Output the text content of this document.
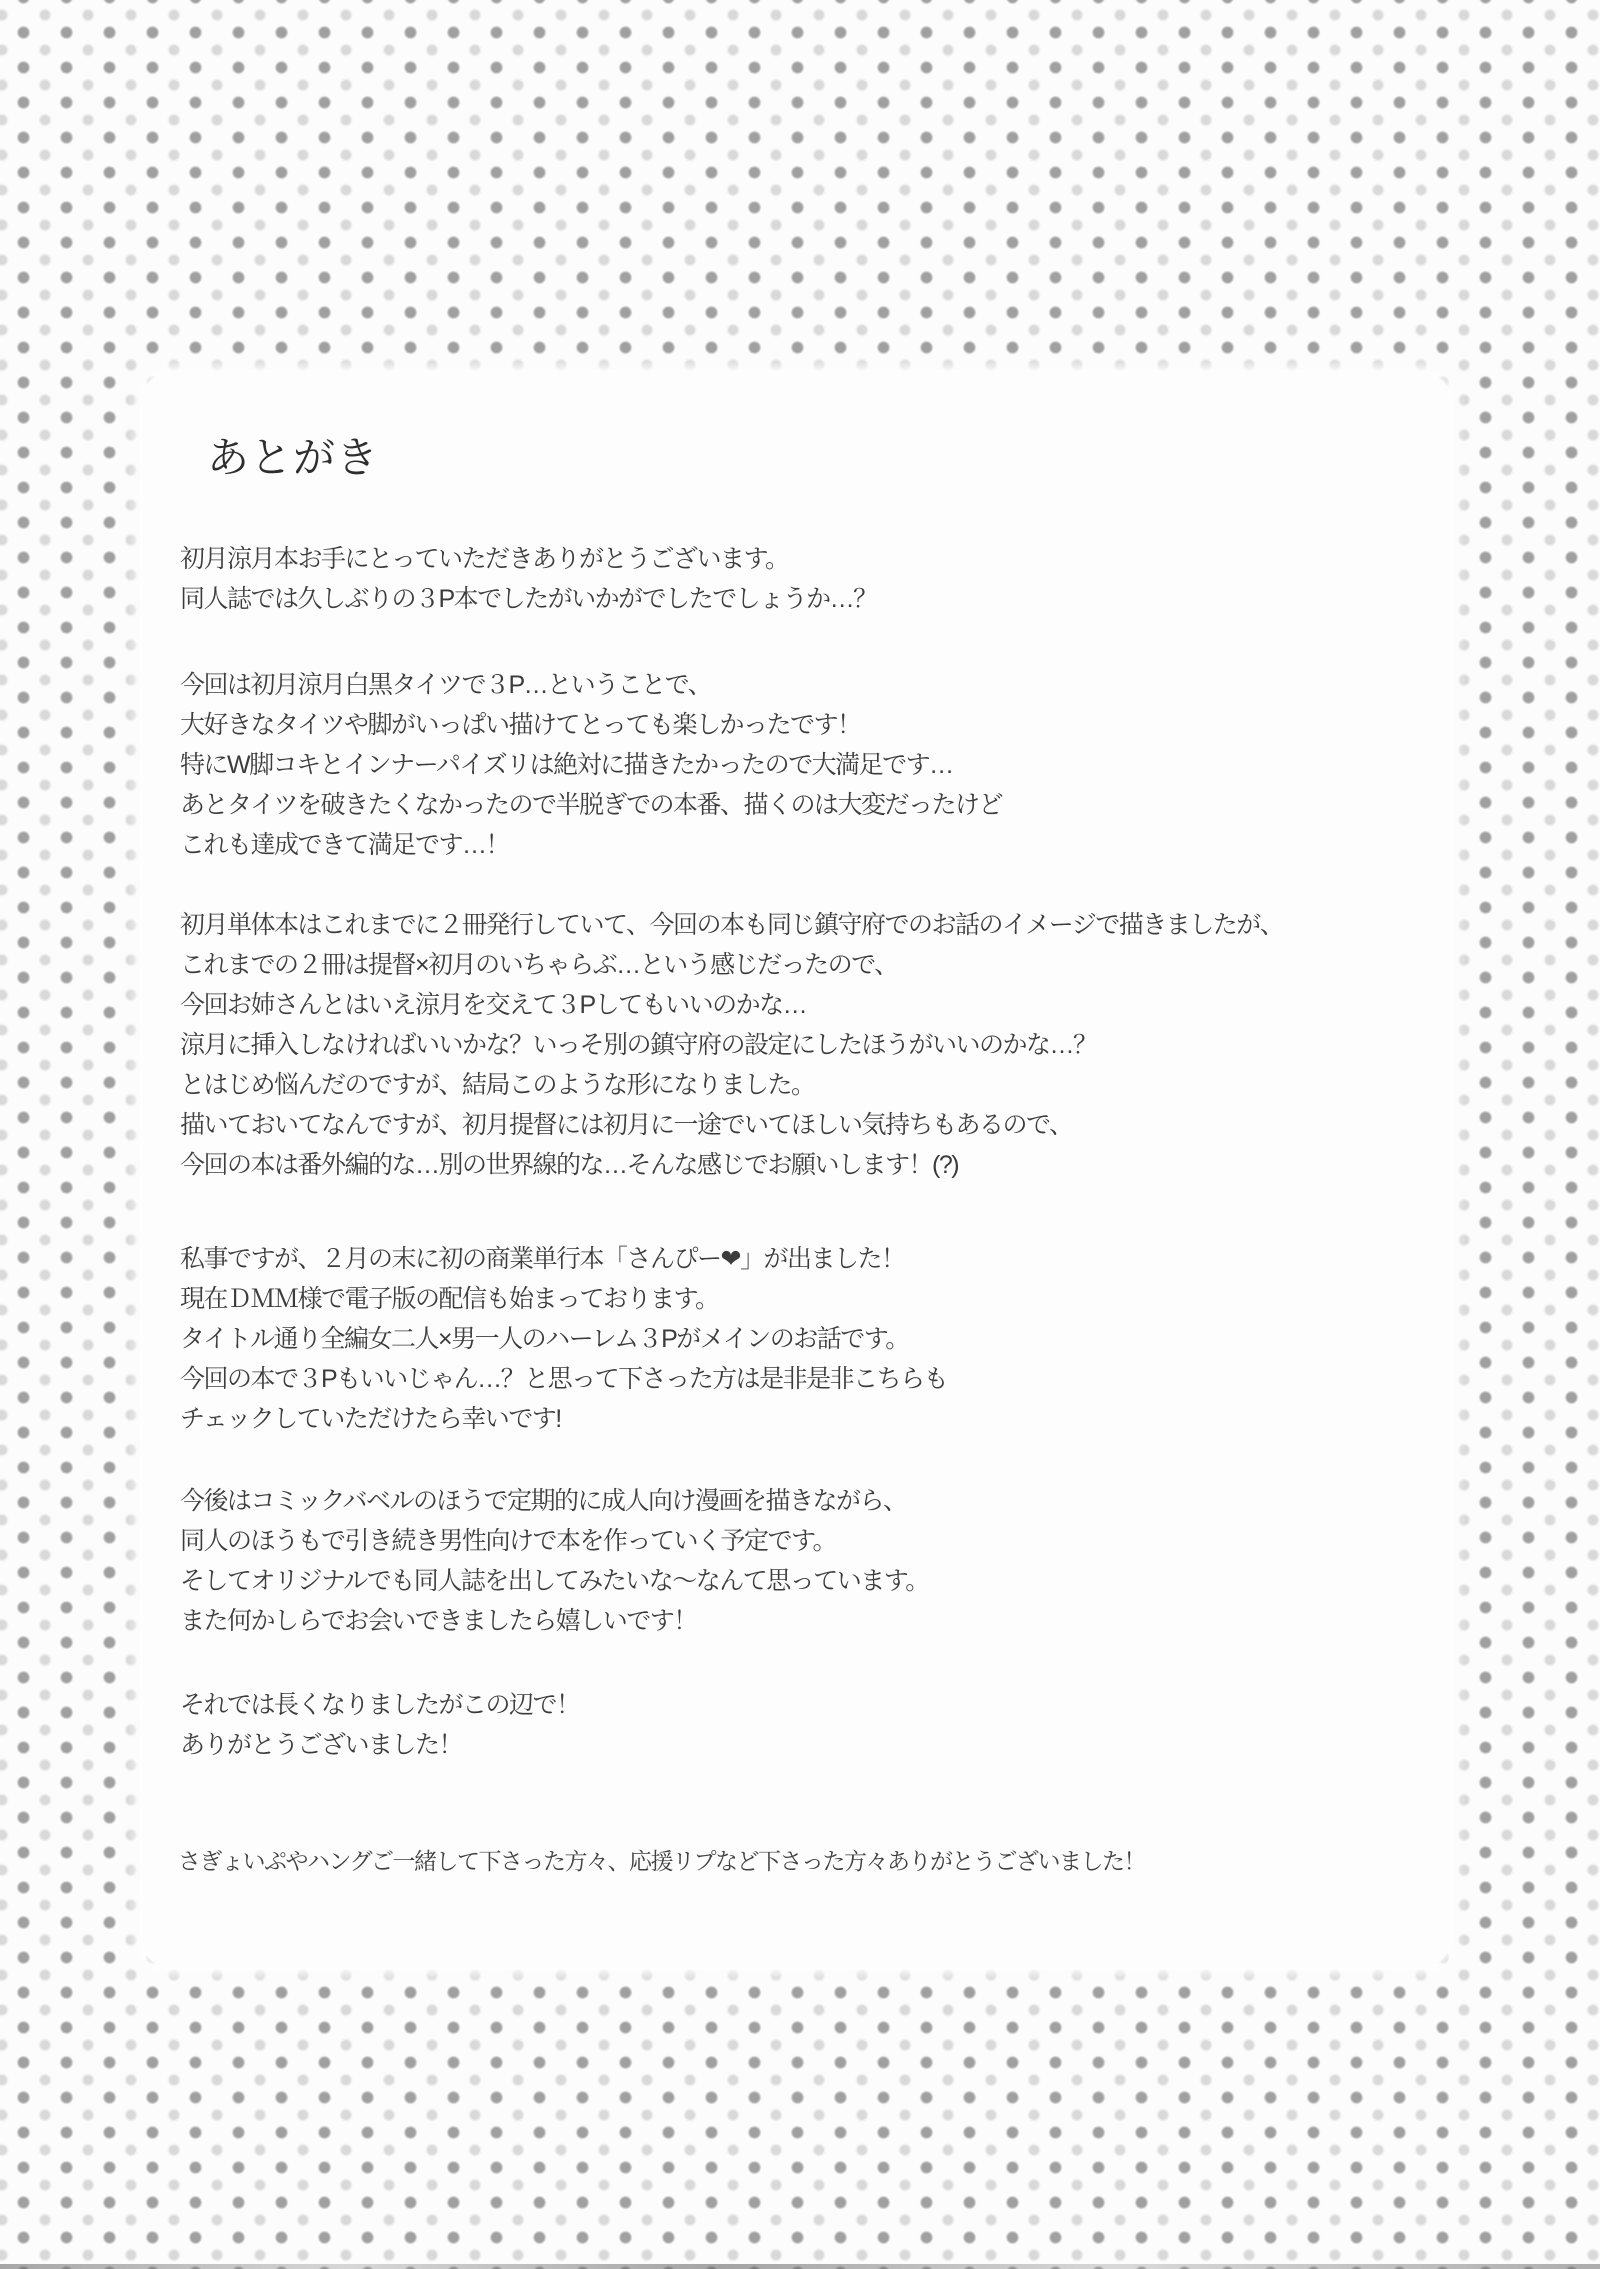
あとがき
初月涼月本お手にとっていただきありがとうございます。
同人誌では久しぶりの３P本でしたがいかがでしたでしょうか…？
今回は初月涼月白黒タイツで３P…ということで、
大好きなタイツや脚がいっぱい描けてとっても楽しかったです！
特にW脚コキとインナーパイズリは絶対に描きたかったので大満足です…
あとタイツを破きたくなかったので半脱ぎでの本番、描くのは大変だったけど
これも達成できて満足です…！
初月単体本はこれまでに２冊発行していて、今回の本も同じ鎮守府でのお話のイメージで描きましたが、
これまでの２冊は提督×初月のいちゃらぶ…という感じだったので、
今回お姉さんとはいえ涼月を交えて３Pしてもいいのかな…
涼月に挿入しなければいいかな？いっそ別の鎮守府の設定にしたほうがいいのかな…？
とはじめ悩んだのですが、結局このような形になりました。
描いておいてなんですが、初月提督には初月に一途でいてほしい気持ちもあるので、
今回の本は番外編的な…別の世界線的な…そんな感じでお願いします！(?)
私事ですが、２月の末に初の商業単行本「さんぴー❤」が出ました！
現在ＤＭＭ様で電子版の配信も始まっております。
タイトル通り全編女二人×男一人のハーレム３Pがメインのお話です。
今回の本で３Pもいいじゃん…？と思って下さった方は是非是非こちらも
チェックしていただけたら幸いです!
今後はコミックバベルのほうで定期的に成人向け漫画を描きながら、
同人のほうもで引き続き男性向けで本を作っていく予定です。
そしてオリジナルでも同人誌を出してみたいな～なんて思っています。
また何かしらでお会いできましたら嬉しいです！
それでは長くなりましたがこの辺で！
ありがとうございました！
さぎょいぷやハングご一緒して下さった方々、応援リプなど下さった方々ありがとうございました！
